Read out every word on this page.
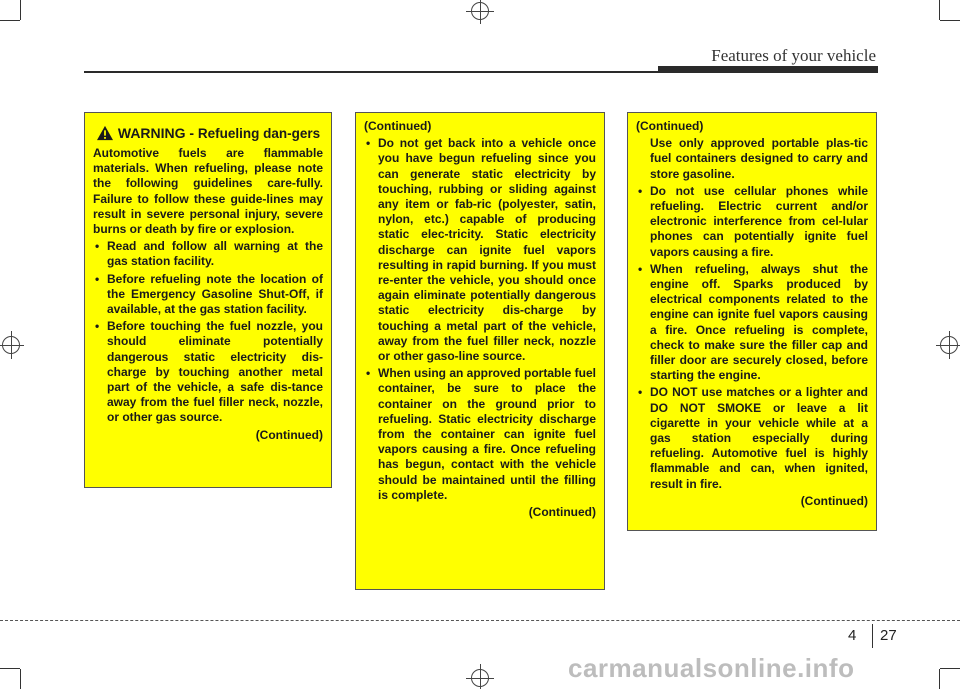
Features of your vehicle
WARNING - Refueling dan-gers
Automotive fuels are flammable materials. When refueling, please note the following guidelines care-fully. Failure to follow these guide-lines may result in severe personal injury, severe burns or death by fire or explosion.
• Read and follow all warning at the gas station facility.
• Before refueling note the location of the Emergency Gasoline Shut-Off, if available, at the gas station facility.
• Before touching the fuel nozzle, you should eliminate potentially dangerous static electricity dis-charge by touching another metal part of the vehicle, a safe dis-tance away from the fuel filler neck, nozzle, or other gas source.
(Continued)
(Continued)
• Do not get back into a vehicle once you have begun refueling since you can generate static electricity by touching, rubbing or sliding against any item or fab-ric (polyester, satin, nylon, etc.) capable of producing static elec-tricity. Static electricity discharge can ignite fuel vapors resulting in rapid burning. If you must re-enter the vehicle, you should once again eliminate potentially dangerous static electricity dis-charge by touching a metal part of the vehicle, away from the fuel filler neck, nozzle or other gaso-line source.
• When using an approved portable fuel container, be sure to place the container on the ground prior to refueling. Static electricity discharge from the container can ignite fuel vapors causing a fire. Once refueling has begun, contact with the vehicle should be maintained until the filling is complete.
(Continued)
(Continued)
Use only approved portable plas-tic fuel containers designed to carry and store gasoline.
• Do not use cellular phones while refueling. Electric current and/or electronic interference from cel-lular phones can potentially ignite fuel vapors causing a fire.
• When refueling, always shut the engine off. Sparks produced by electrical components related to the engine can ignite fuel vapors causing a fire. Once refueling is complete, check to make sure the filler cap and filler door are securely closed, before starting the engine.
• DO NOT use matches or a lighter and DO NOT SMOKE or leave a lit cigarette in your vehicle while at a gas station especially during refueling. Automotive fuel is highly flammable and can, when ignited, result in fire.
(Continued)
4 27
carmanualsonline.info
